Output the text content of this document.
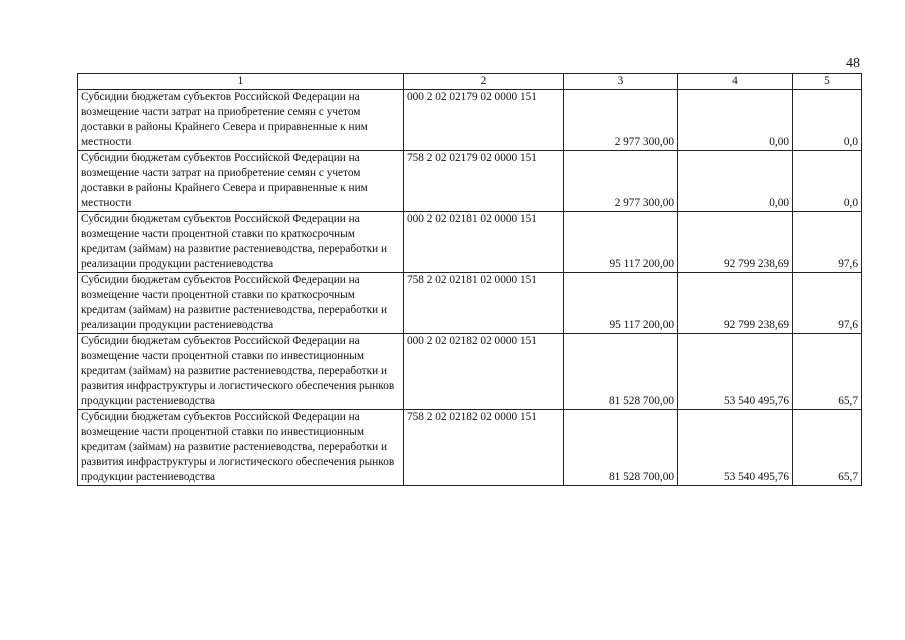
48
1	2	3	4	5
Субсидии бюджетам субъектов Российской Федерации на возмещение части затрат на приобретение семян с учетом доставки в районы Крайнего Севера и приравненные к ним местности	000 2 02 02179 02 0000 151	2 977 300,00	0,00	0,0
Субсидии бюджетам субъектов Российской Федерации на возмещение части затрат на приобретение семян с учетом доставки в районы Крайнего Севера и приравненные к ним местности	758 2 02 02179 02 0000 151	2 977 300,00	0,00	0,0
Субсидии бюджетам субъектов Российской Федерации на возмещение части процентной ставки по краткосрочным кредитам (займам) на развитие растениеводства, переработки и реализации продукции растениеводства	000 2 02 02181 02 0000 151	95 117 200,00	92 799 238,69	97,6
Субсидии бюджетам субъектов Российской Федерации на возмещение части процентной ставки по краткосрочным кредитам (займам) на развитие растениеводства, переработки и реализации продукции растениеводства	758 2 02 02181 02 0000 151	95 117 200,00	92 799 238,69	97,6
Субсидии бюджетам субъектов Российской Федерации на возмещение части процентной ставки по инвестиционным кредитам (займам) на развитие растениеводства, переработки и развития инфраструктуры и логистического обеспечения рынков продукции растениеводства	000 2 02 02182 02 0000 151	81 528 700,00	53 540 495,76	65,7
Субсидии бюджетам субъектов Российской Федерации на возмещение части процентной ставки по инвестиционным кредитам (займам) на развитие растениеводства, переработки и развития инфраструктуры и логистического обеспечения рынков продукции растениеводства	758 2 02 02182 02 0000 151	81 528 700,00	53 540 495,76	65,7
